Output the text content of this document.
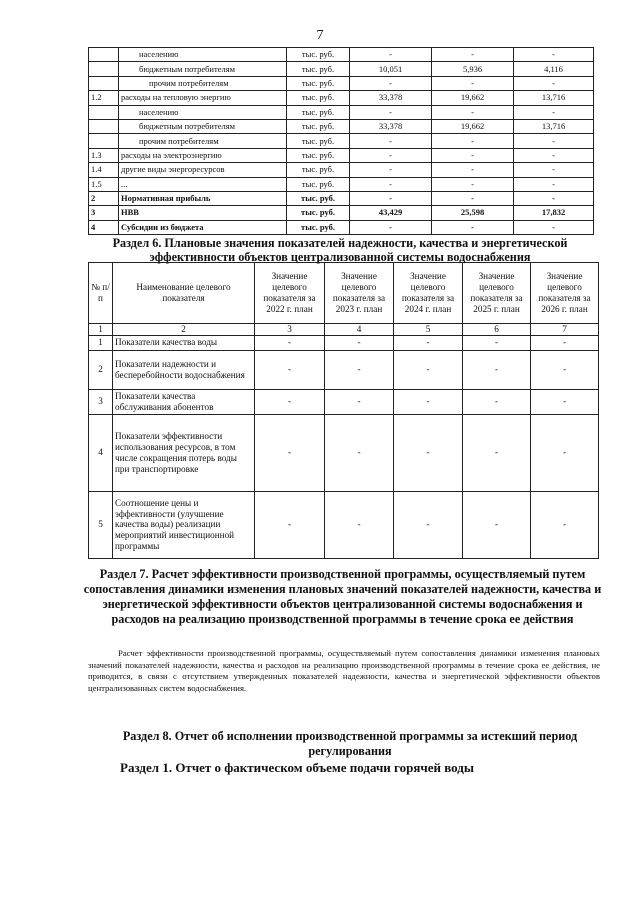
7
	населению	тыс. руб.	-	-	-
	бюджетным потребителям	тыс. руб.	10,051	5,936	4,116
	прочим потребителям	тыс. руб.	-	-	-
1.2	расходы на тепловую энергию	тыс. руб.	33,378	19,662	13,716
	населению	тыс. руб.	-	-	-
	бюджетным потребителям	тыс. руб.	33,378	19,662	13,716
	прочим потребителям	тыс. руб.	-	-	-
1.3	расходы на электроэнергию	тыс. руб.	-	-	-
1.4	другие виды энергоресурсов	тыс. руб.	-	-	-
1.5	...	тыс. руб.	-	-	-
2	Нормативная прибыль	тыс. руб.	-	-	-
3	НВВ	тыс. руб.	43,429	25,598	17,832
4	Субсидии из бюджета	тыс. руб.	-	-	-
Раздел 6. Плановые значения показателей надежности, качества и энергетической эффективности объектов централизованной системы водоснабжения
№ п/п	Наименование целевого показателя	Значение целевого показателя за 2022 г. план	Значение целевого показателя за 2023 г. план	Значение целевого показателя за 2024 г. план	Значение целевого показателя за 2025 г. план	Значение целевого показателя за 2026 г. план
1	2	3	4	5	6	7
1	Показатели качества воды	-	-	-	-	-
2	Показатели надежности и бесперебойности водоснабжения	-	-	-	-	-
3	Показатели качества обслуживания абонентов	-	-	-	-	-
4	Показатели эффективности использования ресурсов, в том числе сокращения потерь воды при транспортировке	-	-	-	-	-
5	Соотношение цены и эффективности (улучшение качества воды) реализации мероприятий инвестиционной программы	-	-	-	-	-
Раздел 7. Расчет эффективности производственной программы, осуществляемый путем сопоставления динамики изменения плановых значений показателей надежности, качества и энергетической эффективности объектов централизованной системы водоснабжения и расходов на реализацию производственной программы в течение срока ее действия

Расчет эффективности производственной программы, осуществляемый путем сопоставления динамики изменения плановых значений показателей надежности, качества и расходов на реализацию производственной программы в течение срока ее действия, не приводится, в связи с отсутствием утвержденных показателей надежности, качества и энергетической эффективности объектов централизованных систем водоснабжения.

Раздел 8. Отчет об исполнении производственной программы за истекший период регулирования
Раздел 1. Отчет о фактическом объеме подачи горячей воды
